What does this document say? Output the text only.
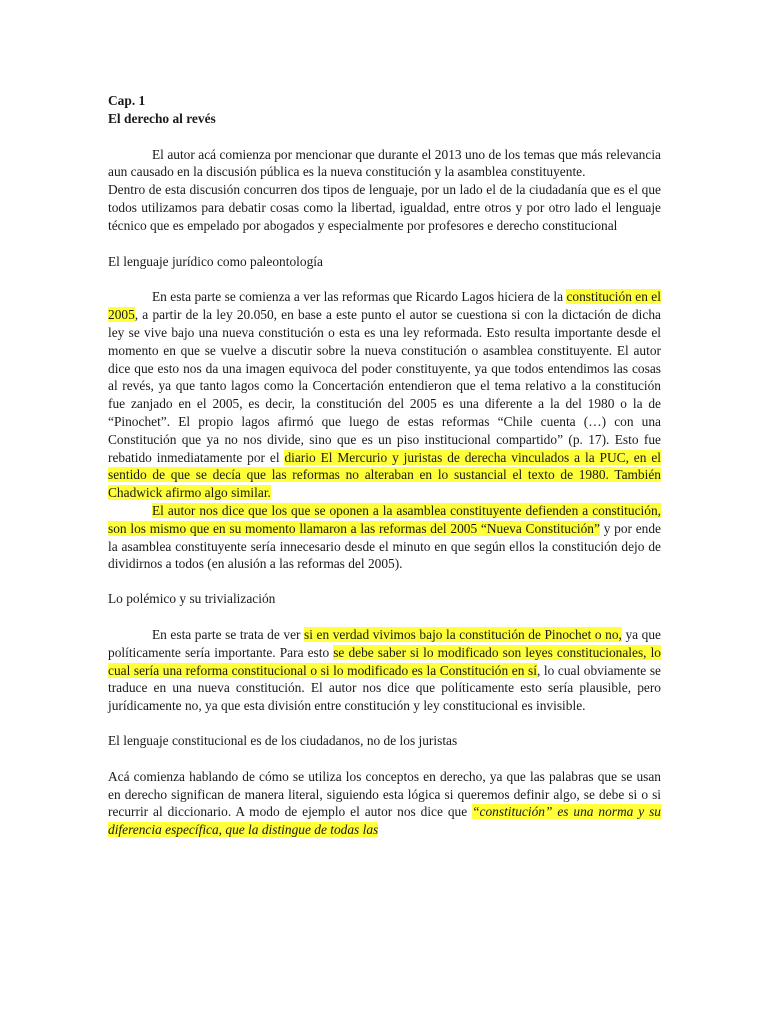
Cap. 1

El derecho al revés

El autor acá comienza por mencionar que durante el 2013 uno de los temas que más relevancia aun causado en la discusión pública es la nueva constitución y la asamblea constituyente.

Dentro de esta discusión concurren dos tipos de lenguaje, por un lado el de la ciudadanía que es el que todos utilizamos para debatir cosas como la libertad, igualdad, entre otros y por otro lado el lenguaje técnico que es empelado por abogados y especialmente por profesores e derecho constitucional

El lenguaje jurídico como paleontología

En esta parte se comienza a ver las reformas que Ricardo Lagos hiciera de la constitución en el 2005, a partir de la ley 20.050, en base a este punto el autor se cuestiona si con la dictación de dicha ley se vive bajo una nueva constitución o esta es una ley reformada. Esto resulta importante desde el momento en que se vuelve a discutir sobre la nueva constitución o asamblea constituyente. El autor dice que esto nos da una imagen equivoca del poder constituyente, ya que todos entendimos las cosas al revés, ya que tanto lagos como la Concertación entendieron que el tema relativo a la constitución fue zanjado en el 2005, es decir, la constitución del 2005 es una diferente a la del 1980 o la de “Pinochet”. El propio lagos afirmó que luego de estas reformas “Chile cuenta (…) con una Constitución que ya no nos divide, sino que es un piso institucional compartido” (p. 17). Esto fue rebatido inmediatamente por el diario El Mercurio y juristas de derecha vinculados a la PUC, en el sentido de que se decía que las reformas no alteraban en lo sustancial el texto de 1980. También Chadwick afirmo algo similar.

El autor nos dice que los que se oponen a la asamblea constituyente defienden a constitución, son los mismo que en su momento llamaron a las reformas del 2005 “Nueva Constitución” y por ende la asamblea constituyente sería innecesario desde el minuto en que según ellos la constitución dejo de dividirnos a todos (en alusión a las reformas del 2005).

Lo polémico y su trivialización

En esta parte se trata de ver si en verdad vivimos bajo la constitución de Pinochet o no, ya que políticamente sería importante. Para esto se debe saber si lo modificado son leyes constitucionales, lo cual sería una reforma constitucional o si lo modificado es la Constitución en sí, lo cual obviamente se traduce en una nueva constitución. El autor nos dice que políticamente esto sería plausible, pero jurídicamente no, ya que esta división entre constitución y ley constitucional es invisible.

El lenguaje constitucional es de los ciudadanos, no de los juristas

Acá comienza hablando de cómo se utiliza los conceptos en derecho, ya que las palabras que se usan en derecho significan de manera literal, siguiendo esta lógica si queremos definir algo, se debe si o si recurrir al diccionario. A modo de ejemplo el autor nos dice que “constitución” es una norma y su diferencia específica, que la distingue de todas las
